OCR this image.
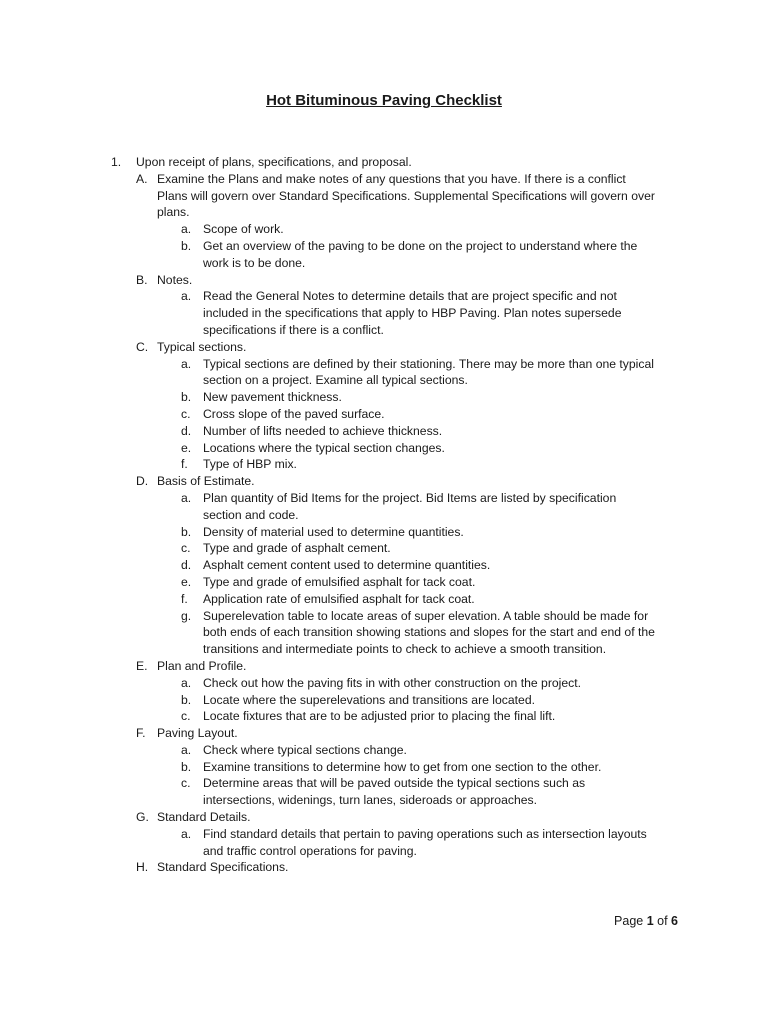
Hot Bituminous Paving Checklist
1. Upon receipt of plans, specifications, and proposal.
A. Examine the Plans and make notes of any questions that you have. If there is a conflict
Plans will govern over Standard Specifications. Supplemental Specifications will govern over
plans.
a. Scope of work.
b. Get an overview of the paving to be done on the project to understand where the
work is to be done.
B. Notes.
a. Read the General Notes to determine details that are project specific and not
included in the specifications that apply to HBP Paving. Plan notes supersede
specifications if there is a conflict.
C. Typical sections.
a. Typical sections are defined by their stationing. There may be more than one typical
section on a project. Examine all typical sections.
b. New pavement thickness.
c. Cross slope of the paved surface.
d. Number of lifts needed to achieve thickness.
e. Locations where the typical section changes.
f. Type of HBP mix.
D. Basis of Estimate.
a. Plan quantity of Bid Items for the project. Bid Items are listed by specification
section and code.
b. Density of material used to determine quantities.
c. Type and grade of asphalt cement.
d. Asphalt cement content used to determine quantities.
e. Type and grade of emulsified asphalt for tack coat.
f. Application rate of emulsified asphalt for tack coat.
g. Superelevation table to locate areas of super elevation. A table should be made for
both ends of each transition showing stations and slopes for the start and end of the
transitions and intermediate points to check to achieve a smooth transition.
E. Plan and Profile.
a. Check out how the paving fits in with other construction on the project.
b. Locate where the superelevations and transitions are located.
c. Locate fixtures that are to be adjusted prior to placing the final lift.
F. Paving Layout.
a. Check where typical sections change.
b. Examine transitions to determine how to get from one section to the other.
c. Determine areas that will be paved outside the typical sections such as
intersections, widenings, turn lanes, sideroads or approaches.
G. Standard Details.
a. Find standard details that pertain to paving operations such as intersection layouts
and traffic control operations for paving.
H. Standard Specifications.
Page 1 of 6
